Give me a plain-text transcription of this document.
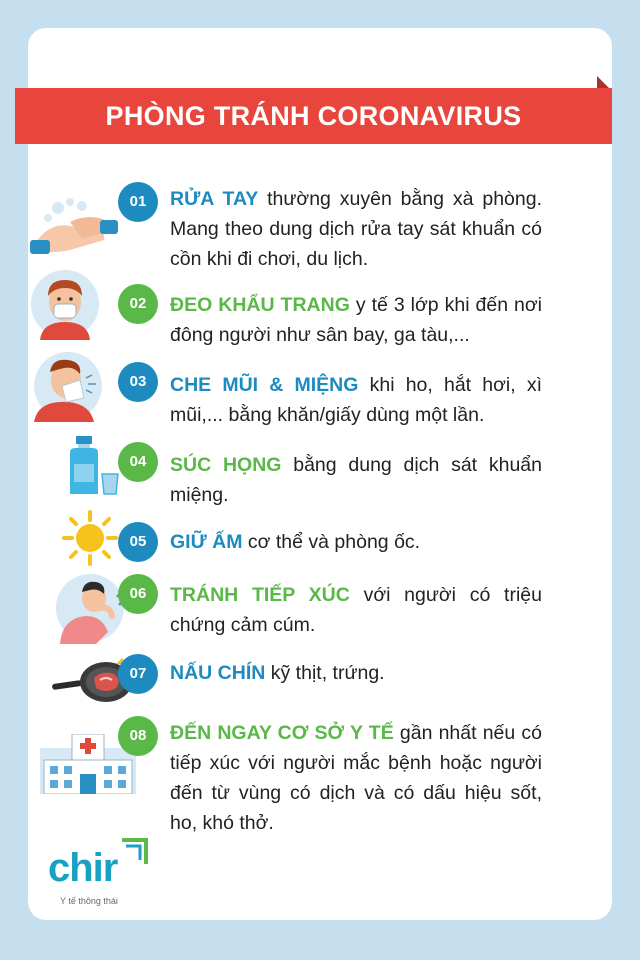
PHÒNG TRÁNH CORONAVIRUS
01	RỬA TAY thường xuyên bằng xà phòng. Mang theo dung dịch rửa tay sát khuẩn có cồn khi đi chơi, du lịch.
02	ĐEO KHẨU TRANG y tế 3 lớp khi đến nơi đông người như sân bay, ga tàu,...
03	CHE MŨI & MIỆNG khi ho, hắt hơi, xì mũi,... bằng khăn/giấy dùng một lần.
04	SÚC HỌNG bằng dung dịch sát khuẩn miệng.
05	GIỮ ẤM cơ thể và phòng ốc.
06	TRÁNH TIẾP XÚC với người có triệu chứng cảm cúm.
07	NẤU CHÍN kỹ thịt, trứng.
08	ĐẾN NGAY CƠ SỞ Y TẾ gần nhất nếu có tiếp xúc với người mắc bệnh hoặc người đến từ vùng có dịch và có dấu hiệu sốt, ho, khó thở.
chir
Y tế thông thái
